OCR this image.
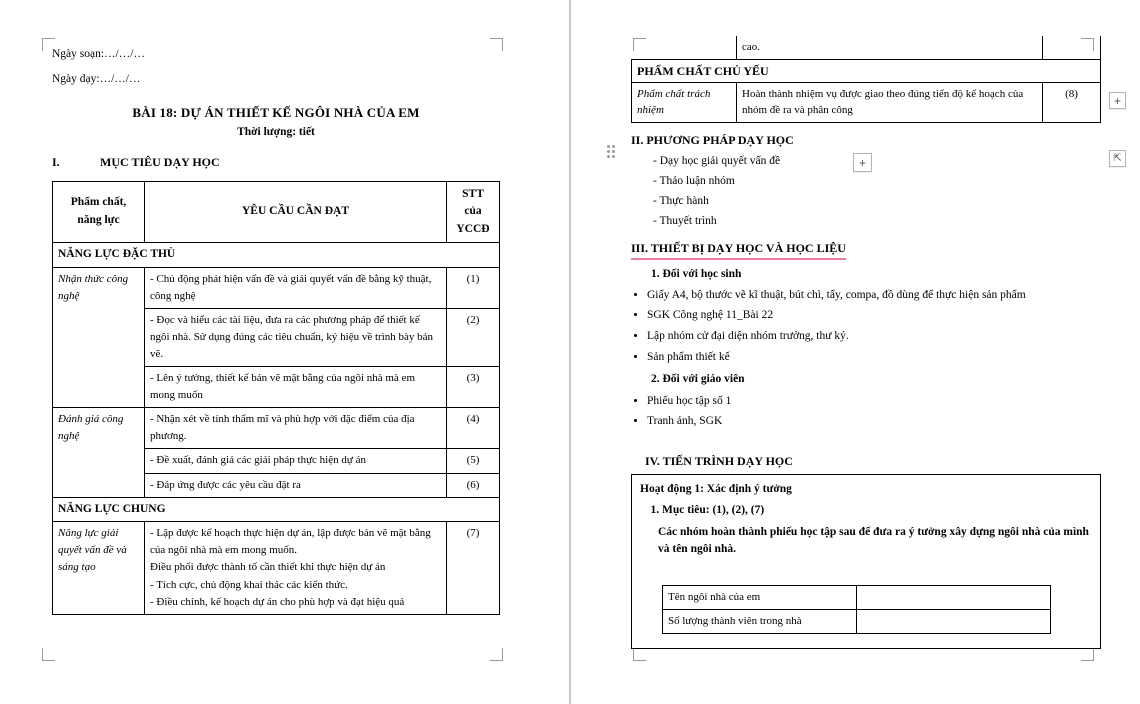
Ngày soạn:…/…/…
Ngày dạy:…/…/…
BÀI 18: DỰ ÁN THIẾT KẾ NGÔI NHÀ CỦA EM
Thời lượng: tiết
I.	MỤC TIÊU DẠY HỌC
Phẩm chất,
năng lực
	YÊU CẦU CẦN ĐẠT	
STT
của
YCCĐ

NĂNG LỰC ĐẶC THÙ		
Nhận thức công nghệ	- Chủ động phát hiện vấn đề và giải quyết vấn đề bằng kỹ thuật, công nghệ	(1)
	- Đọc và hiểu các tài liệu, đưa ra các phương pháp để thiết kế ngôi nhà. Sử dụng đúng các tiêu chuẩn, ký hiệu về trình bày bản vẽ.	(2)
	- Lên ý tưởng, thiết kế bản vẽ mặt bằng của ngôi nhà mà em mong muốn	(3)
Đánh giá công nghệ	- Nhận xét về tính thẩm mĩ và phù hợp với đặc điểm của địa phương.	(4)
	- Đề xuất, đánh giá các giải pháp thực hiện dự án	(5)
	- Đáp ứng được các yêu cầu đặt ra	(6)
NĂNG LỰC CHUNG		
Năng lực giải quyết vấn đề và sáng tạo	- Lập được kế hoạch thực hiện dự án, lập được bản vẽ mặt bằng của ngôi nhà mà em mong muốn.
Điều phối được thành tố cần thiết khi thực hiện dự án
- Tích cực, chủ động khai thác các kiến thức.
- Điều chỉnh, kế hoạch dự án cho phù hợp và đạt hiệu quả	(7)
	cao.	
PHẨM CHẤT CHỦ YẾU		
Phẩm chất trách nhiệm	Hoàn thành nhiệm vụ được giao theo đúng tiến độ kế hoạch của nhóm đề ra và phân công	(8)
II. PHƯƠNG PHÁP DẠY HỌC
- Dạy học giải quyết vấn đề
- Thảo luận nhóm
- Thực hành
- Thuyết trình
III. THIẾT BỊ DẠY HỌC VÀ HỌC LIỆU
1. Đối với học sinh
• Giấy A4, bộ thước vẽ kĩ thuật, bút chì, tẩy, compa, đồ dùng để thực hiện sản phẩm
• SGK Công nghệ 11_Bài 22
• Lập nhóm cử đại diện nhóm trưởng, thư ký.
• Sản phẩm thiết kế
2. Đối với giáo viên
• Phiếu học tập số 1
• Tranh ảnh, SGK
IV. TIẾN TRÌNH DẠY HỌC
Hoạt động 1: Xác định ý tưởng
1. Mục tiêu: (1), (2), (7)
Các nhóm hoàn thành phiếu học tập sau để đưa ra ý tưởng xây dựng ngôi nhà của mình và tên ngôi nhà.
Tên ngôi nhà của em	
Số lượng thành viên trong nhà	
+
+	⇱
